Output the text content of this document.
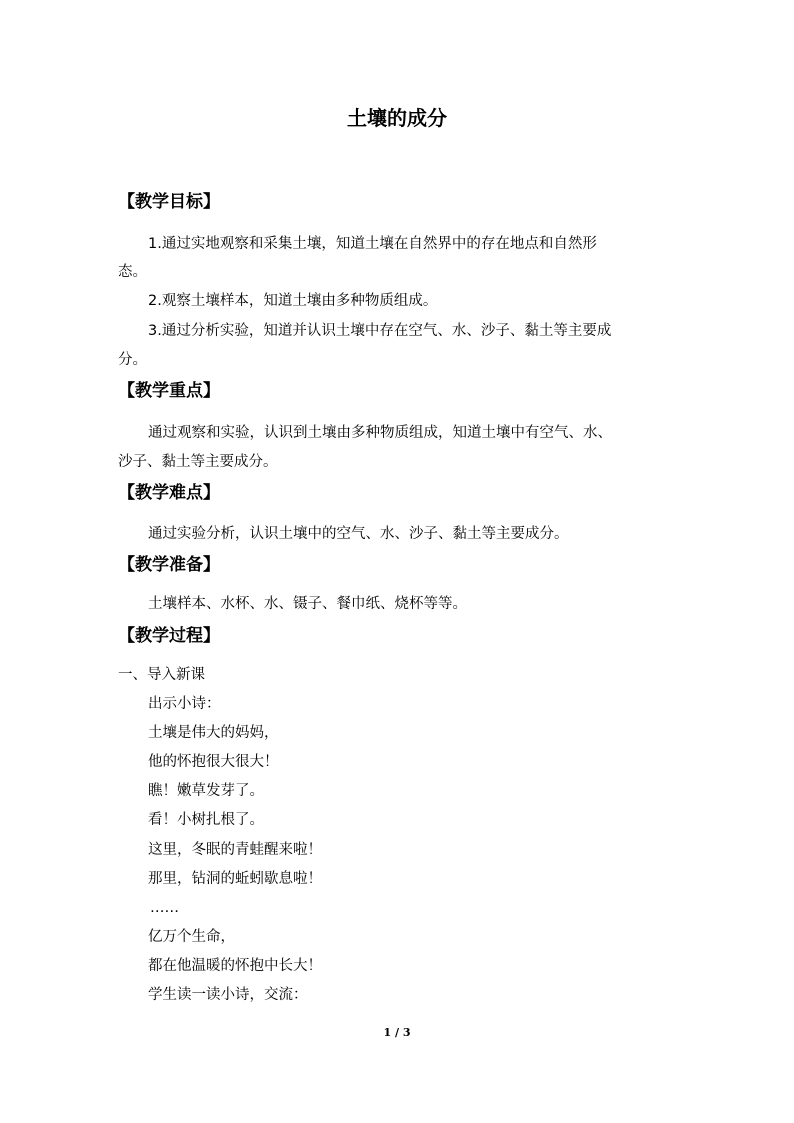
土壤的成分
【教学目标】
1.通过实地观察和采集土壤，知道土壤在自然界中的存在地点和自然形
态。
2.观察土壤样本，知道土壤由多种物质组成。
3.通过分析实验，知道并认识土壤中存在空气、水、沙子、黏土等主要成
分。
【教学重点】
通过观察和实验，认识到土壤由多种物质组成，知道土壤中有空气、水、
沙子、黏土等主要成分。
【教学难点】
通过实验分析，认识土壤中的空气、水、沙子、黏土等主要成分。
【教学准备】
土壤样本、水杯、水、镊子、餐巾纸、烧杯等等。
【教学过程】
一、导入新课
出示小诗：
土壤是伟大的妈妈，
他的怀抱很大很大！
瞧！嫩草发芽了。
看！小树扎根了。
这里，冬眠的青蛙醒来啦！
那里，钻洞的蚯蚓歇息啦！
……
亿万个生命，
都在他温暖的怀抱中长大！
学生读一读小诗，交流：
1 / 3
